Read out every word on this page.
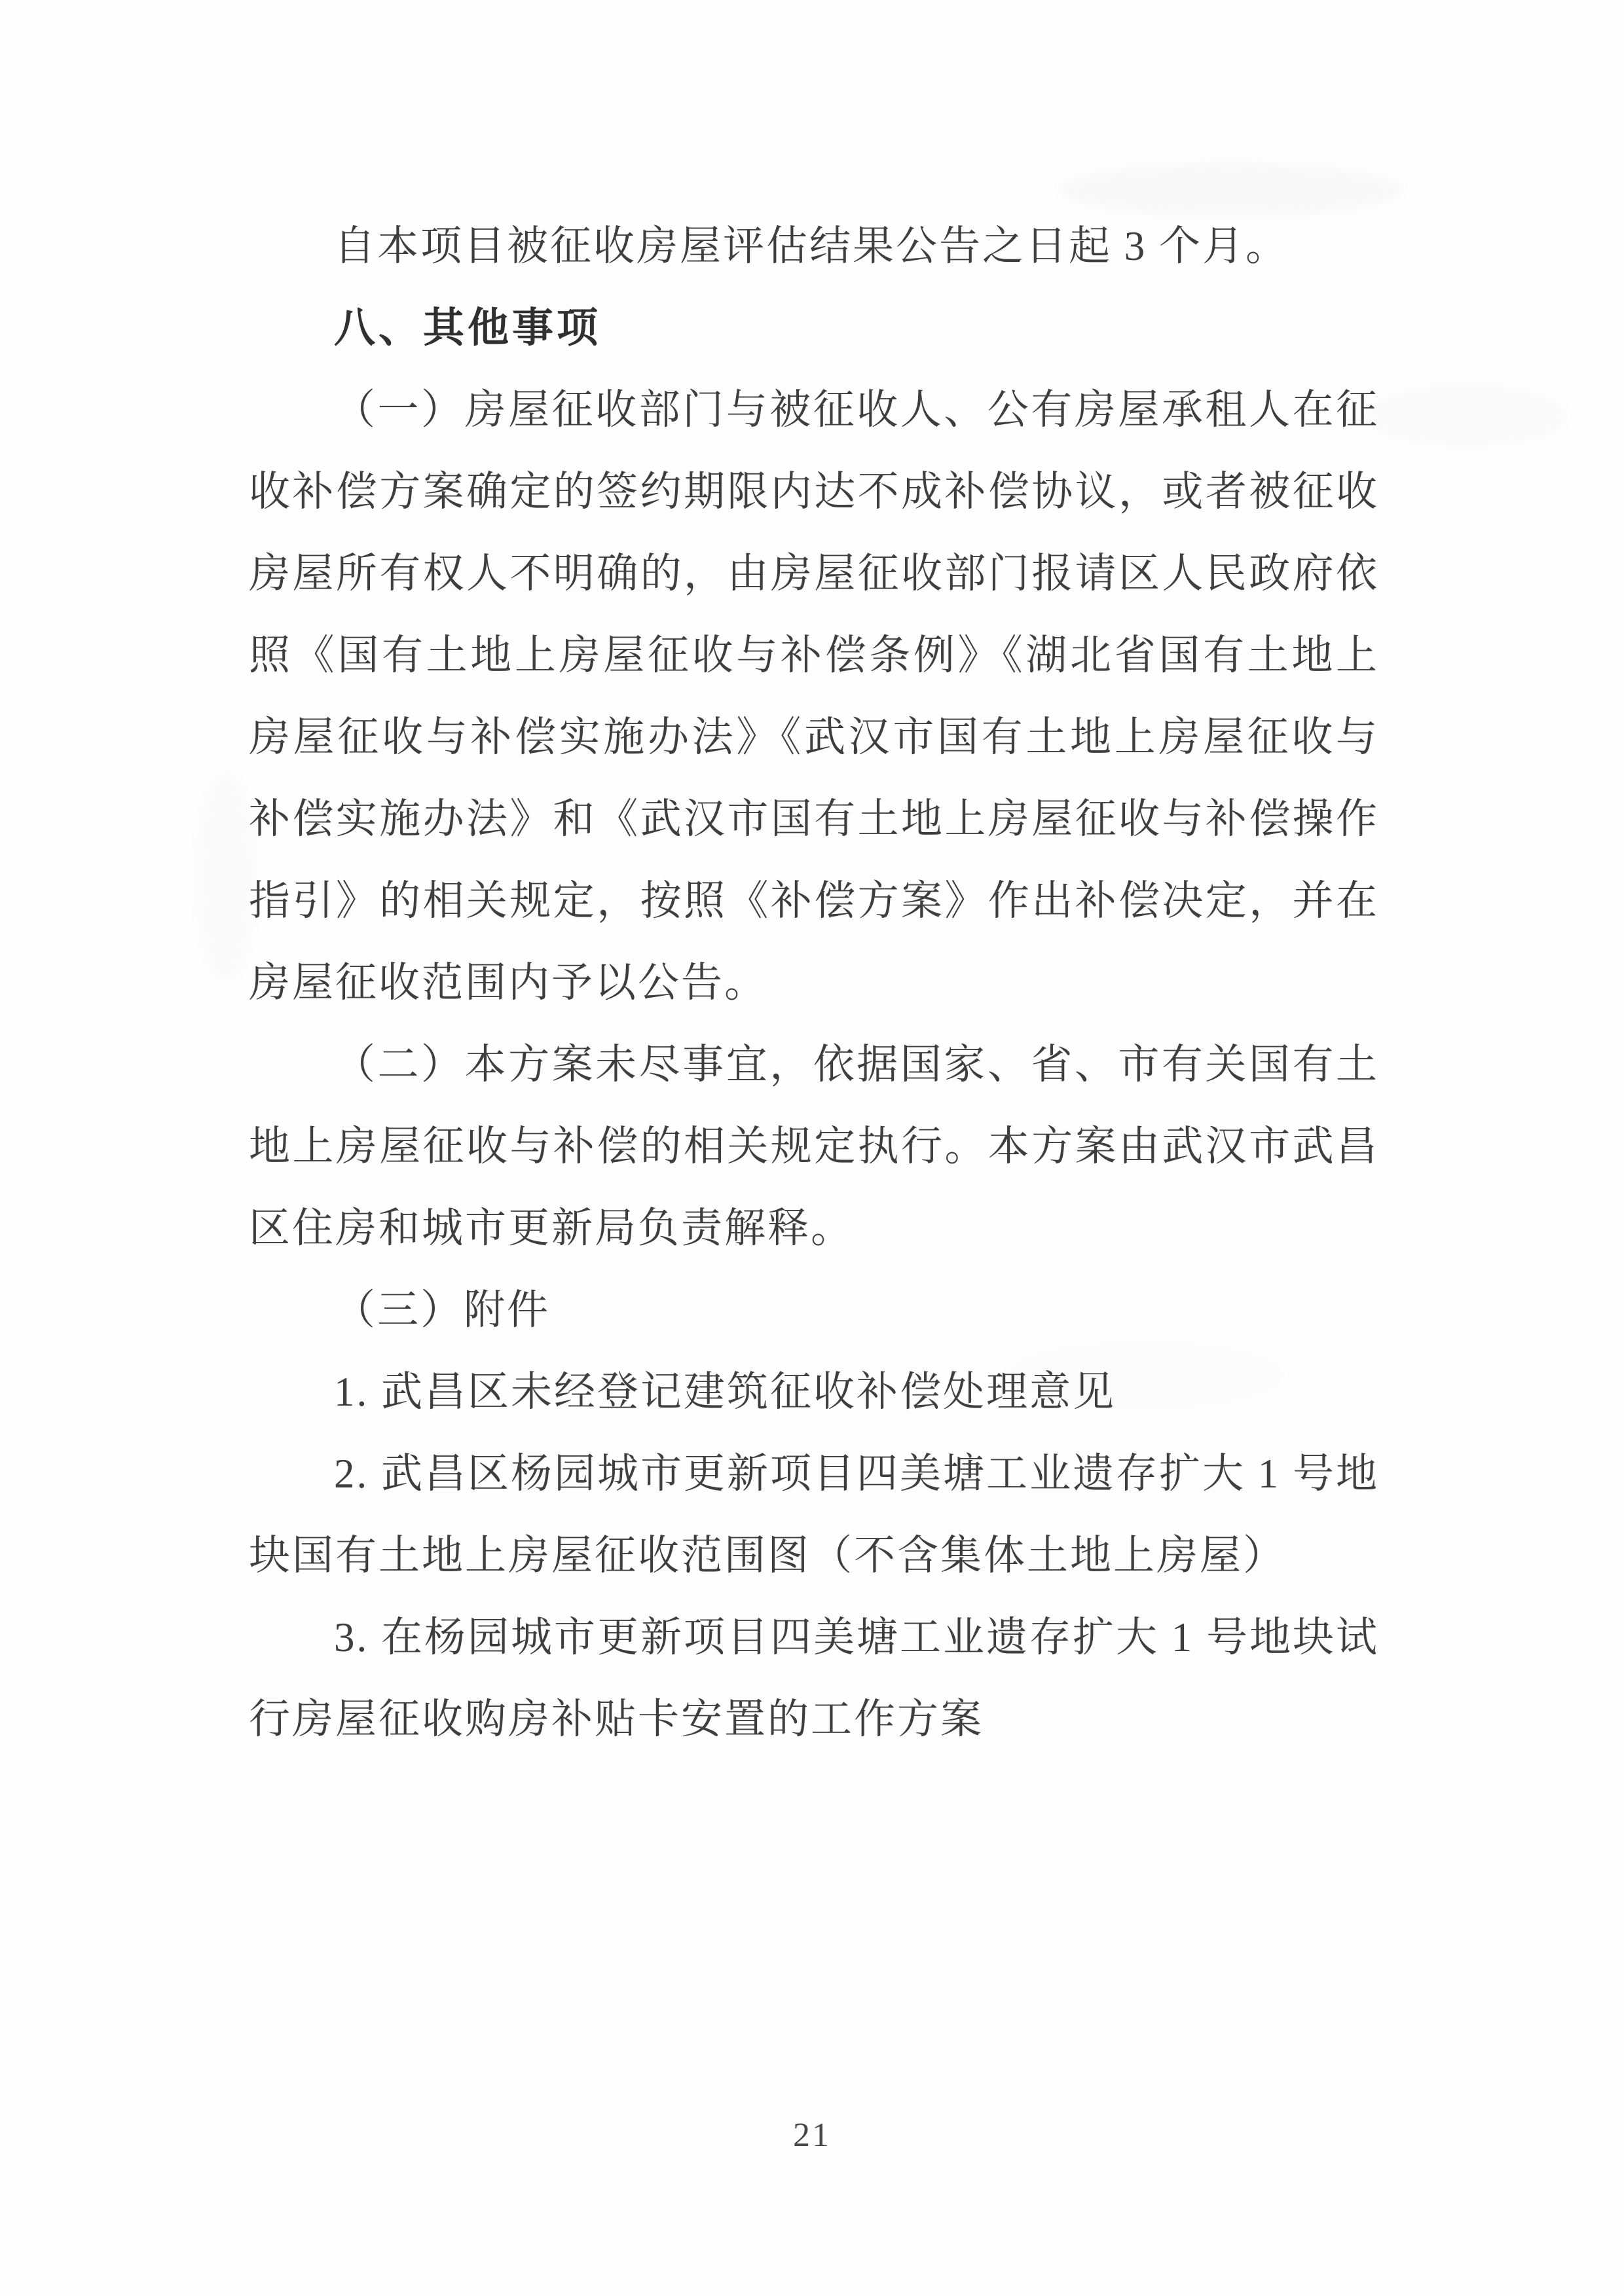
自本项目被征收房屋评估结果公告之日起 3 个月。
八、其他事项
（一）房屋征收部门与被征收人、公有房屋承租人在征
收补偿方案确定的签约期限内达不成补偿协议，或者被征收
房屋所有权人不明确的，由房屋征收部门报请区人民政府依
照《国有土地上房屋征收与补偿条例》《湖北省国有土地上
房屋征收与补偿实施办法》《武汉市国有土地上房屋征收与
补偿实施办法》和《武汉市国有土地上房屋征收与补偿操作
指引》的相关规定，按照《补偿方案》作出补偿决定，并在
房屋征收范围内予以公告。
（二）本方案未尽事宜，依据国家、省、市有关国有土
地上房屋征收与补偿的相关规定执行。本方案由武汉市武昌
区住房和城市更新局负责解释。
（三）附件
1. 武昌区未经登记建筑征收补偿处理意见
2. 武昌区杨园城市更新项目四美塘工业遗存扩大 1 号地
块国有土地上房屋征收范围图（不含集体土地上房屋）
3. 在杨园城市更新项目四美塘工业遗存扩大 1 号地块试
行房屋征收购房补贴卡安置的工作方案
21
